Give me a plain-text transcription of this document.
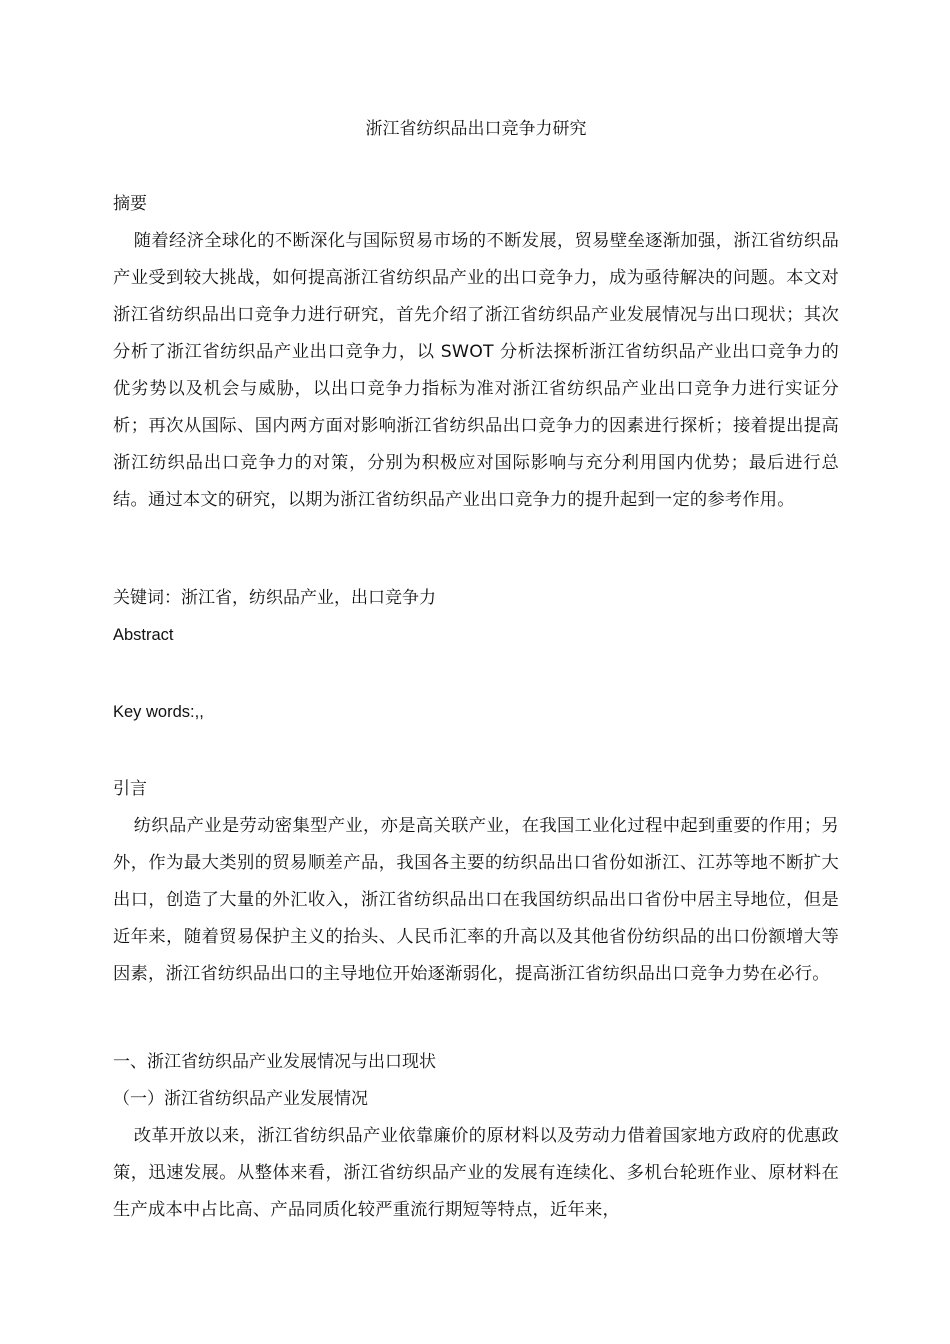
浙江省纺织品出口竞争力研究
摘要
随着经济全球化的不断深化与国际贸易市场的不断发展，贸易壁垒逐渐加强，浙江省纺织品产业受到较大挑战，如何提高浙江省纺织品产业的出口竞争力，成为亟待解决的问题。本文对浙江省纺织品出口竞争力进行研究，首先介绍了浙江省纺织品产业发展情况与出口现状；其次分析了浙江省纺织品产业出口竞争力，以 SWOT 分析法探析浙江省纺织品产业出口竞争力的优劣势以及机会与威胁，以出口竞争力指标为准对浙江省纺织品产业出口竞争力进行实证分析；再次从国际、国内两方面对影响浙江省纺织品出口竞争力的因素进行探析；接着提出提高浙江纺织品出口竞争力的对策，分别为积极应对国际影响与充分利用国内优势；最后进行总结。通过本文的研究，以期为浙江省纺织品产业出口竞争力的提升起到一定的参考作用。
关键词：浙江省，纺织品产业，出口竞争力
Abstract
Key words:,,
引言
纺织品产业是劳动密集型产业，亦是高关联产业，在我国工业化过程中起到重要的作用；另外，作为最大类别的贸易顺差产品，我国各主要的纺织品出口省份如浙江、江苏等地不断扩大出口，创造了大量的外汇收入，浙江省纺织品出口在我国纺织品出口省份中居主导地位，但是近年来，随着贸易保护主义的抬头、人民币汇率的升高以及其他省份纺织品的出口份额增大等因素，浙江省纺织品出口的主导地位开始逐渐弱化，提高浙江省纺织品出口竞争力势在必行。
一、浙江省纺织品产业发展情况与出口现状
（一）浙江省纺织品产业发展情况
改革开放以来，浙江省纺织品产业依靠廉价的原材料以及劳动力借着国家地方政府的优惠政策，迅速发展。从整体来看，浙江省纺织品产业的发展有连续化、多机台轮班作业、原材料在生产成本中占比高、产品同质化较严重流行期短等特点，近年来，
